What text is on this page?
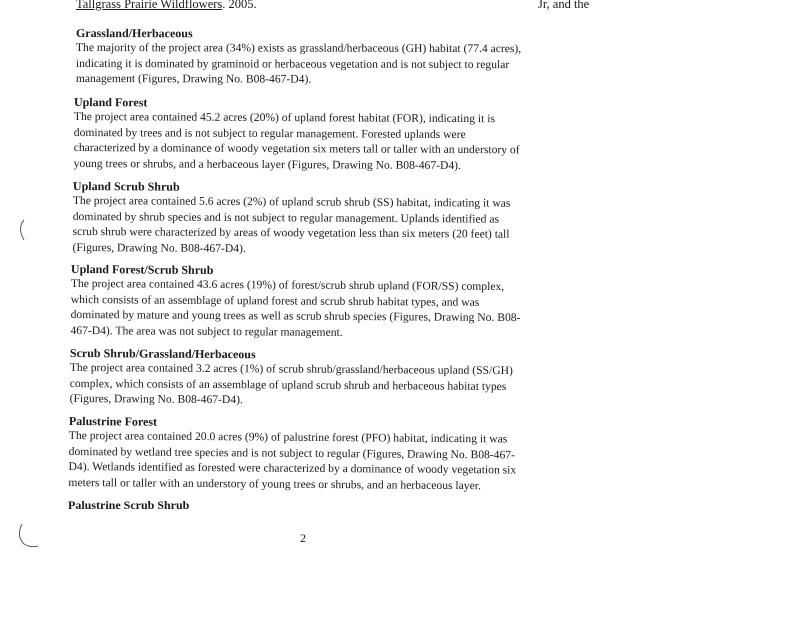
Tallgrass Prairie Wildflowers. 2005.	Jr, and the
Grassland/Herbaceous

The majority of the project area (34%) exists as grassland/herbaceous (GH) habitat (77.4 acres),
indicating it is dominated by graminoid or herbaceous vegetation and is not subject to regular
management (Figures, Drawing No. B08-467-D4).

Upland Forest

The project area contained 45.2 acres (20%) of upland forest habitat (FOR), indicating it is
dominated by trees and is not subject to regular management. Forested uplands were
characterized by a dominance of woody vegetation six meters tall or taller with an understory of
young trees or shrubs, and a herbaceous layer (Figures, Drawing No. B08-467-D4).

Upland Scrub Shrub

The project area contained 5.6 acres (2%) of upland scrub shrub (SS) habitat, indicating it was
dominated by shrub species and is not subject to regular management. Uplands identified as
scrub shrub were characterized by areas of woody vegetation less than six meters (20 feet) tall
(Figures, Drawing No. B08-467-D4).

Upland Forest/Scrub Shrub

The project area contained 43.6 acres (19%) of forest/scrub shrub upland (FOR/SS) complex,
which consists of an assemblage of upland forest and scrub shrub habitat types, and was
dominated by mature and young trees as well as scrub shrub species (Figures, Drawing No. B08-
467-D4). The area was not subject to regular management.

Scrub Shrub/Grassland/Herbaceous

The project area contained 3.2 acres (1%) of scrub shrub/grassland/herbaceous upland (SS/GH)
complex, which consists of an assemblage of upland scrub shrub and herbaceous habitat types
(Figures, Drawing No. B08-467-D4).

Palustrine Forest

The project area contained 20.0 acres (9%) of palustrine forest (PFO) habitat, indicating it was
dominated by wetland tree species and is not subject to regular (Figures, Drawing No. B08-467-
D4). Wetlands identified as forested were characterized by a dominance of woody vegetation six
meters tall or taller with an understory of young trees or shrubs, and an herbaceous layer.

Palustrine Scrub Shrub
2
